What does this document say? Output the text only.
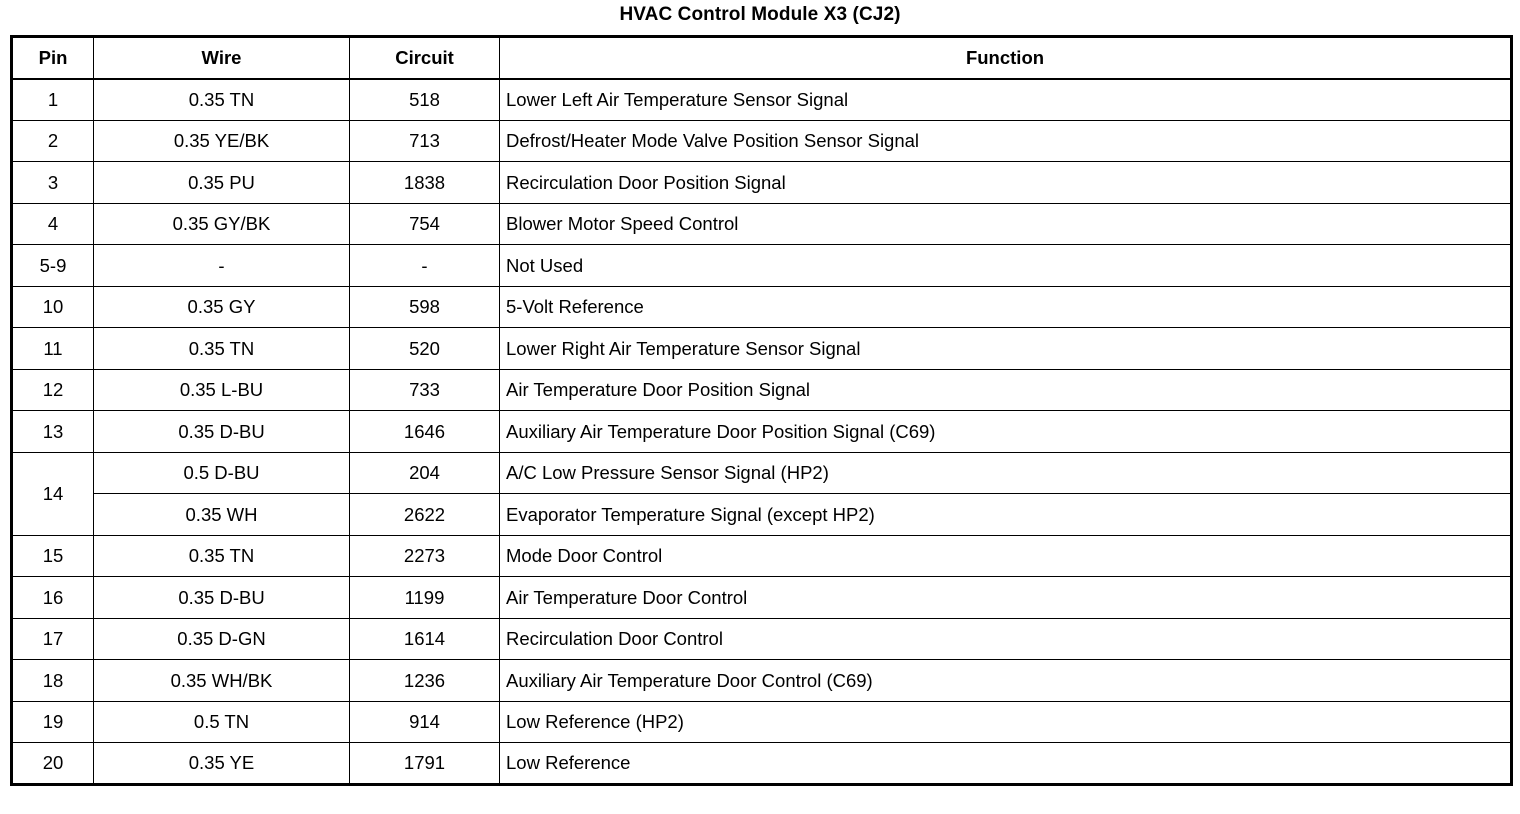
HVAC Control Module X3 (CJ2)
Pin	Wire	Circuit	Function
1	0.35 TN	518	Lower Left Air Temperature Sensor Signal
2	0.35 YE/BK	713	Defrost/Heater Mode Valve Position Sensor Signal
3	0.35 PU	1838	Recirculation Door Position Signal
4	0.35 GY/BK	754	Blower Motor Speed Control
5-9	-	-	Not Used
10	0.35 GY	598	5-Volt Reference
11	0.35 TN	520	Lower Right Air Temperature Sensor Signal
12	0.35 L-BU	733	Air Temperature Door Position Signal
13	0.35 D-BU	1646	Auxiliary Air Temperature Door Position Signal (C69)
14	0.5 D-BU	204	A/C Low Pressure Sensor Signal (HP2)
	0.35 WH	2622	Evaporator Temperature Signal (except HP2)
15	0.35 TN	2273	Mode Door Control
16	0.35 D-BU	1199	Air Temperature Door Control
17	0.35 D-GN	1614	Recirculation Door Control
18	0.35 WH/BK	1236	Auxiliary Air Temperature Door Control (C69)
19	0.5 TN	914	Low Reference (HP2)
20	0.35 YE	1791	Low Reference
